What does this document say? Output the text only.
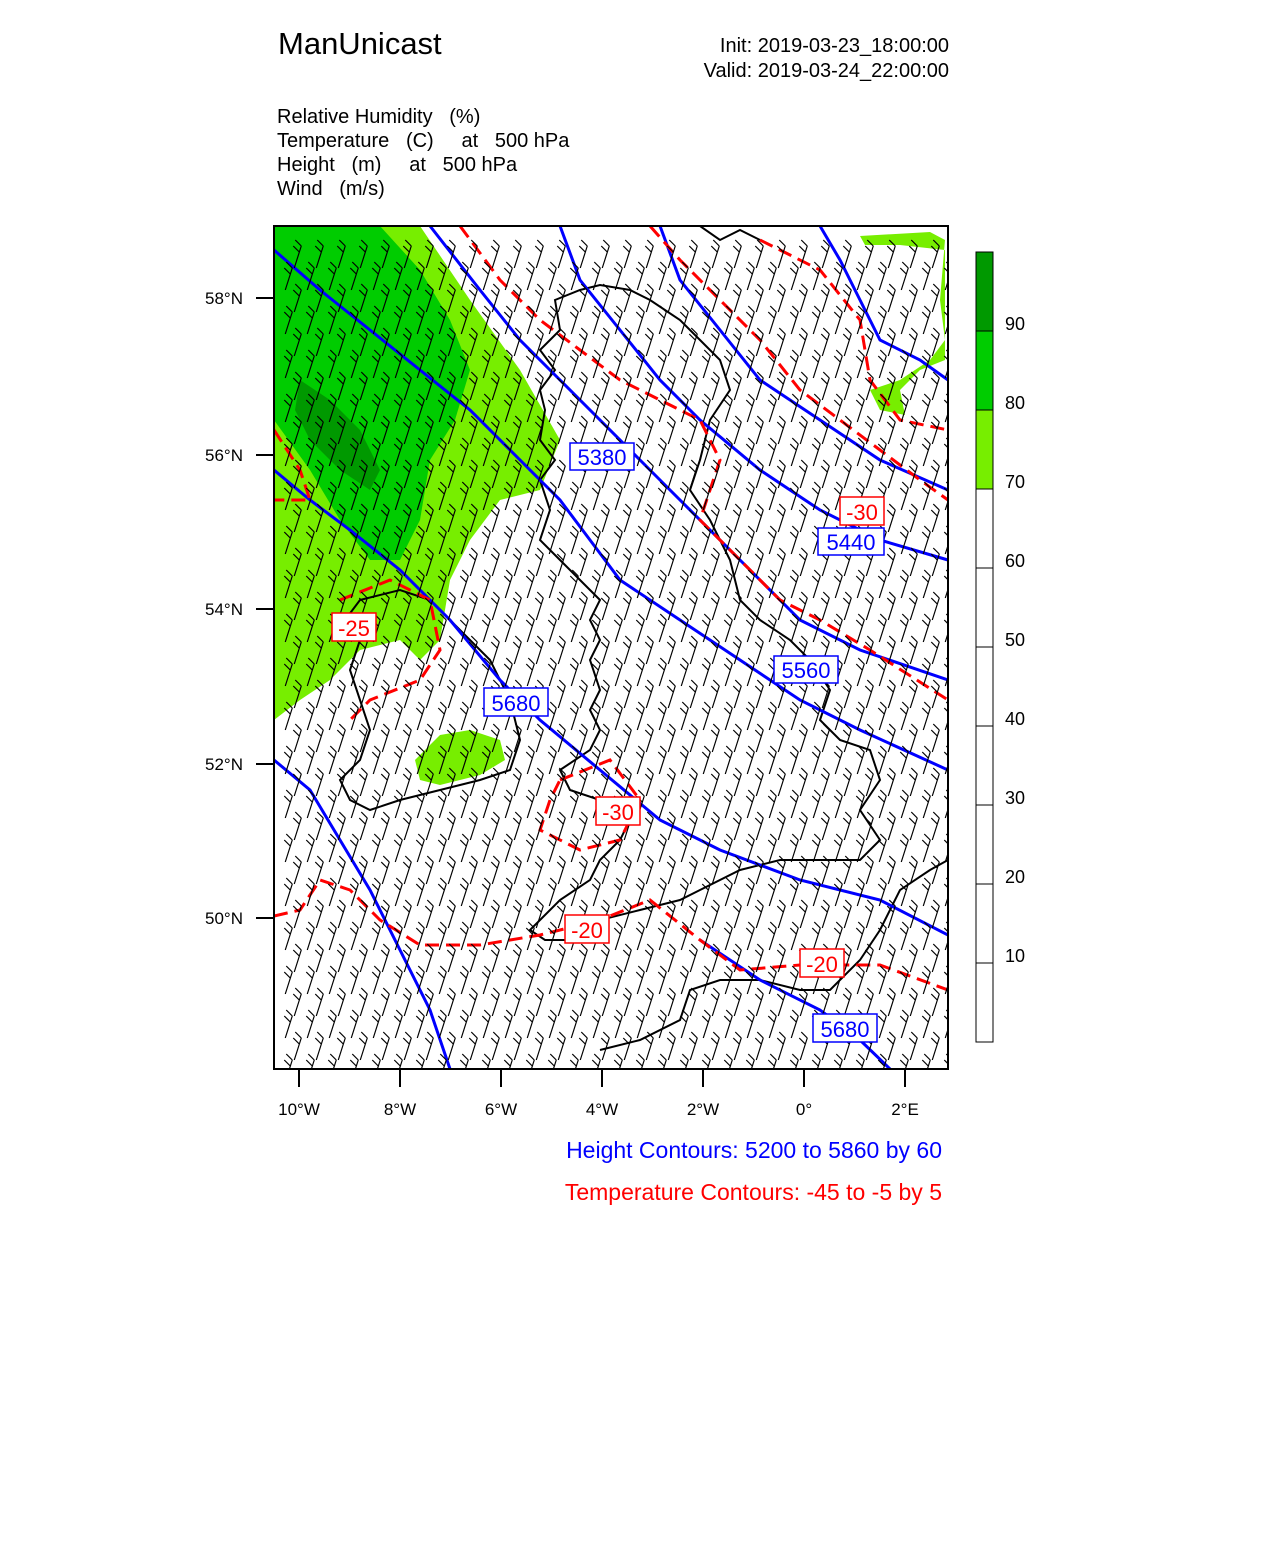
ManUnicast	Init: 2019-03-23_18:00:00
Valid: 2019-03-24_22:00:00
Relative Humidity   (%)
Temperature   (C)     at   500 hPa
Height   (m)     at   500 hPa
Wind   (m/s)
58°N
56°N
54°N
52°N
50°N
10°W	8°W	6°W	4°W	2°W	0°	2°E
5380
5440
5560
5680
5680
-30
-25
-30
-20
-20
90
80
70
60
50
40
30
20
10
Height Contours: 5200 to 5860 by 60
Temperature Contours: -45 to -5 by 5
